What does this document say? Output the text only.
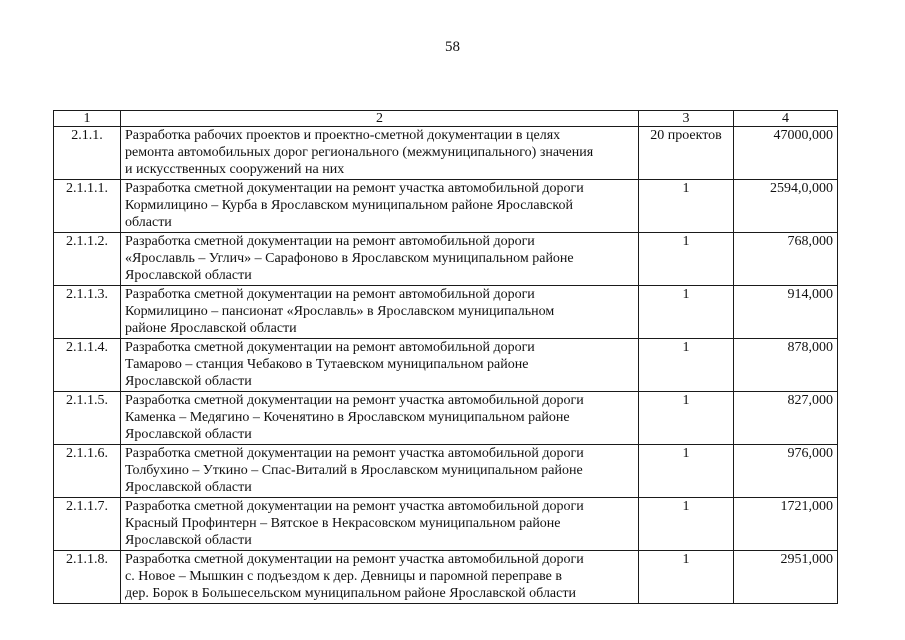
58
1	2	3	4
2.1.1.	Разработка рабочих проектов и проектно-сметной документации в целях
ремонта автомобильных дорог регионального (межмуниципального) значения
и искусственных сооружений на них	20 проектов	47000,000
2.1.1.1.	Разработка сметной документации на ремонт участка автомобильной дороги
Кормилицино – Курба в Ярославском муниципальном районе Ярославской
области	1	2594,0,000
2.1.1.2.	Разработка сметной документации на ремонт автомобильной дороги
«Ярославль – Углич» – Сарафоново в Ярославском муниципальном районе
Ярославской области	1	768,000
2.1.1.3.	Разработка сметной документации на ремонт автомобильной дороги
Кормилицино – пансионат «Ярославль» в Ярославском муниципальном
районе Ярославской области	1	914,000
2.1.1.4.	Разработка сметной документации на ремонт автомобильной дороги
Тамарово – станция Чебаково в Тутаевском муниципальном районе
Ярославской области	1	878,000
2.1.1.5.	Разработка сметной документации на ремонт участка автомобильной дороги
Каменка – Медягино – Коченятино в Ярославском муниципальном районе
Ярославской области	1	827,000
2.1.1.6.	Разработка сметной документации на ремонт участка автомобильной дороги
Толбухино – Уткино – Спас-Виталий в Ярославском муниципальном районе
Ярославской области	1	976,000
2.1.1.7.	Разработка сметной документации на ремонт участка автомобильной дороги
Красный Профинтерн – Вятское в Некрасовском муниципальном районе
Ярославской области	1	1721,000
2.1.1.8.	Разработка сметной документации на ремонт участка автомобильной дороги
с. Новое – Мышкин с подъездом к дер. Девницы и паромной переправе в
дер. Борок в Большесельском муниципальном районе Ярославской области	1	2951,000
